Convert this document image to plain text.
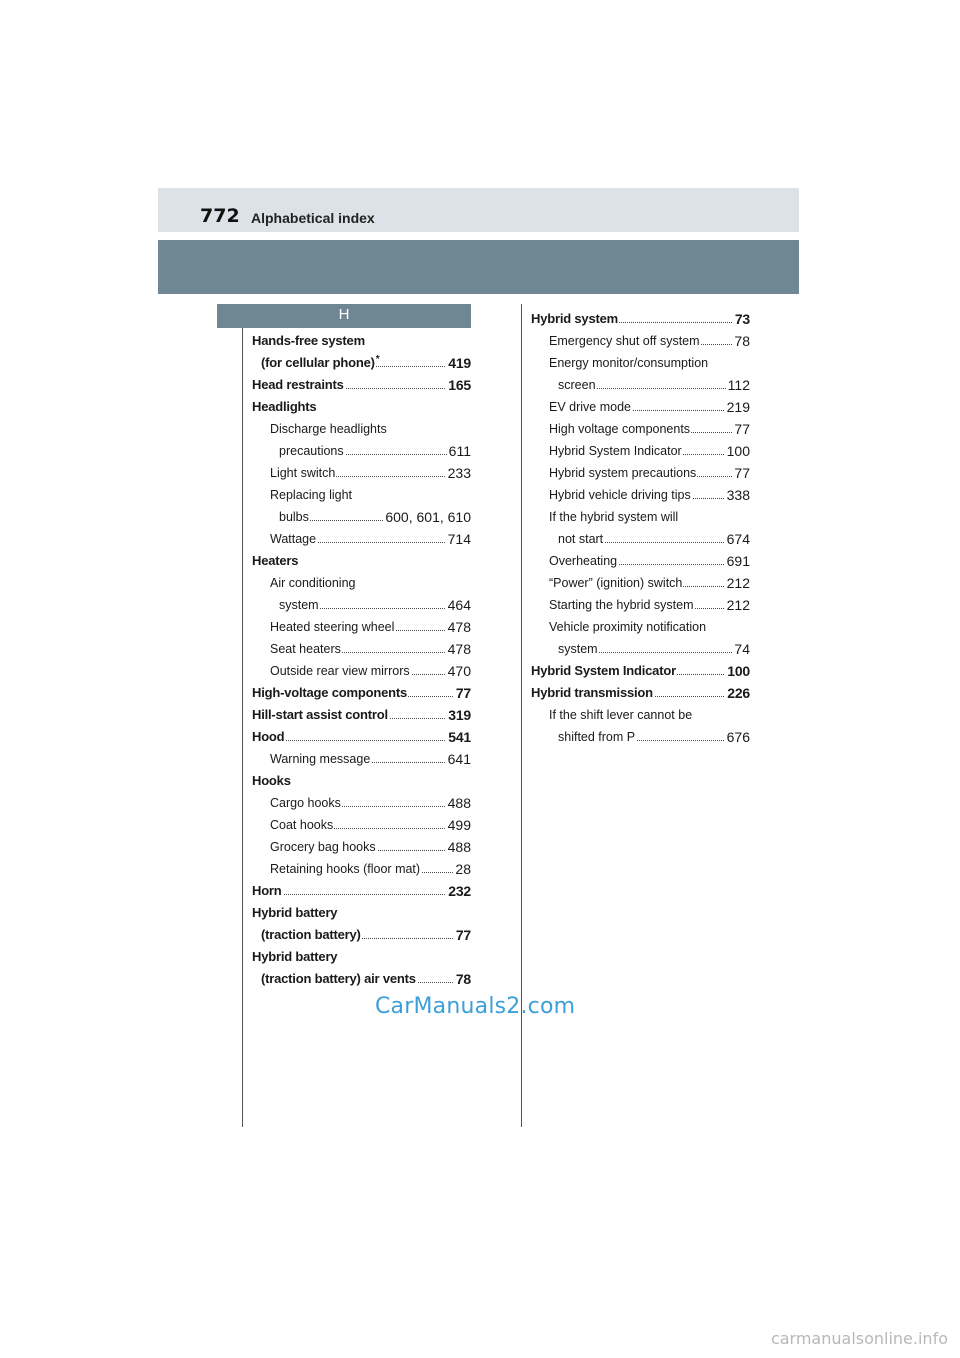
772 Alphabetical index
H
Hands-free system
(for cellular phone)*	419
Head restraints	165
Headlights
Discharge headlights
precautions	611
Light switch	233
Replacing light
bulbs	600, 601, 610
Wattage	714
Heaters
Air conditioning
system	464
Heated steering wheel	478
Seat heaters	478
Outside rear view mirrors	470
High-voltage components	77
Hill-start assist control	319
Hood	541
Warning message	641
Hooks
Cargo hooks	488
Coat hooks	499
Grocery bag hooks	488
Retaining hooks (floor mat)	28
Horn	232
Hybrid battery
(traction battery)	77
Hybrid battery
(traction battery) air vents	78
Hybrid system	73
Emergency shut off system 78
Energy monitor/consumption
screen	112
EV drive mode	219
High voltage components	77
Hybrid System Indicator	100
Hybrid system precautions	77
Hybrid vehicle driving tips	338
If the hybrid system will
not start	674
Overheating	691
“Power” (ignition) switch	212
Starting the hybrid system 212
Vehicle proximity notification
system	74
Hybrid System Indicator	100
Hybrid transmission	226
If the shift lever cannot be
shifted from P	676
CarManuals2.com
carmanualsonline.info
